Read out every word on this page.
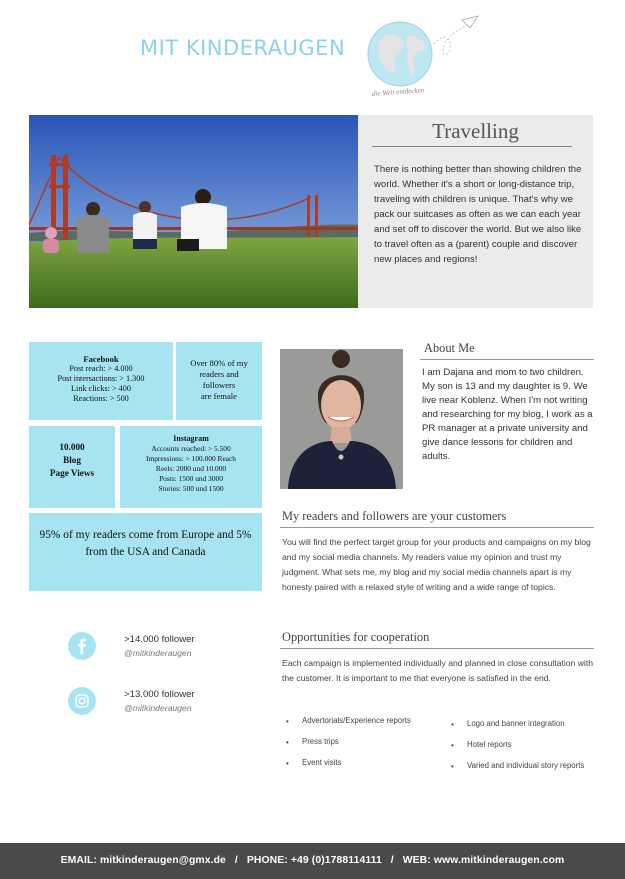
MIT KINDERAUGEN
die Welt entdecken
Travelling
There is nothing better than showing children the world. Whether it's a short or long-distance trip, traveling with children is unique. That's why we pack our suitcases as often as we can each year and set off to discover the world. But we also like to travel often as a (parent) couple and discover new places and regions!
Facebook
Post reach: > 4.000
Post intersactions: > 1.300
Link clicks: > 400
Reactions: > 500
Over 80% of my
readers and
followers
are female
10.000
Blog
Page Views
Instagram
Accounts reached: > 5.500
Impressions: > 100.000 Reach
Reels: 2000 und 10.000
Posts: 1500 und 3000
Stories: 500 und 1500
95% of my readers come from Europe and 5% from the USA and Canada
>14.000 follower
@mitkinderaugen
>13.000 follower
@mitkinderaugen
About Me
I am Dajana and mom to two children. My son is 13 and my daughter is 9. We live near Koblenz. When I'm not writing and researching for my blog, I work as a PR manager at a private university and give dance lessons for children and adults.
My readers and followers are your customers
You will find the perfect target group for your products and campaigns on my blog and my social media channels. My readers value my opinion and trust my judgment. What sets me, my blog and my social media channels apart is my honesty paired with a relaxed style of writing and a wide range of topics.
Opportunities for cooperation
Each campaign is implemented individually and planned in close consultation with the customer. It is important to me that everyone is satisfied in the end.
• Advertorials/Experience reports
• Press trips
• Event visits
• Logo and banner integration
• Hotel reports
• Varied and individual story reports
EMAIL: mitkinderaugen@gmx.de   /   PHONE: +49 (0)1788114111   /   WEB: www.mitkinderaugen.com
